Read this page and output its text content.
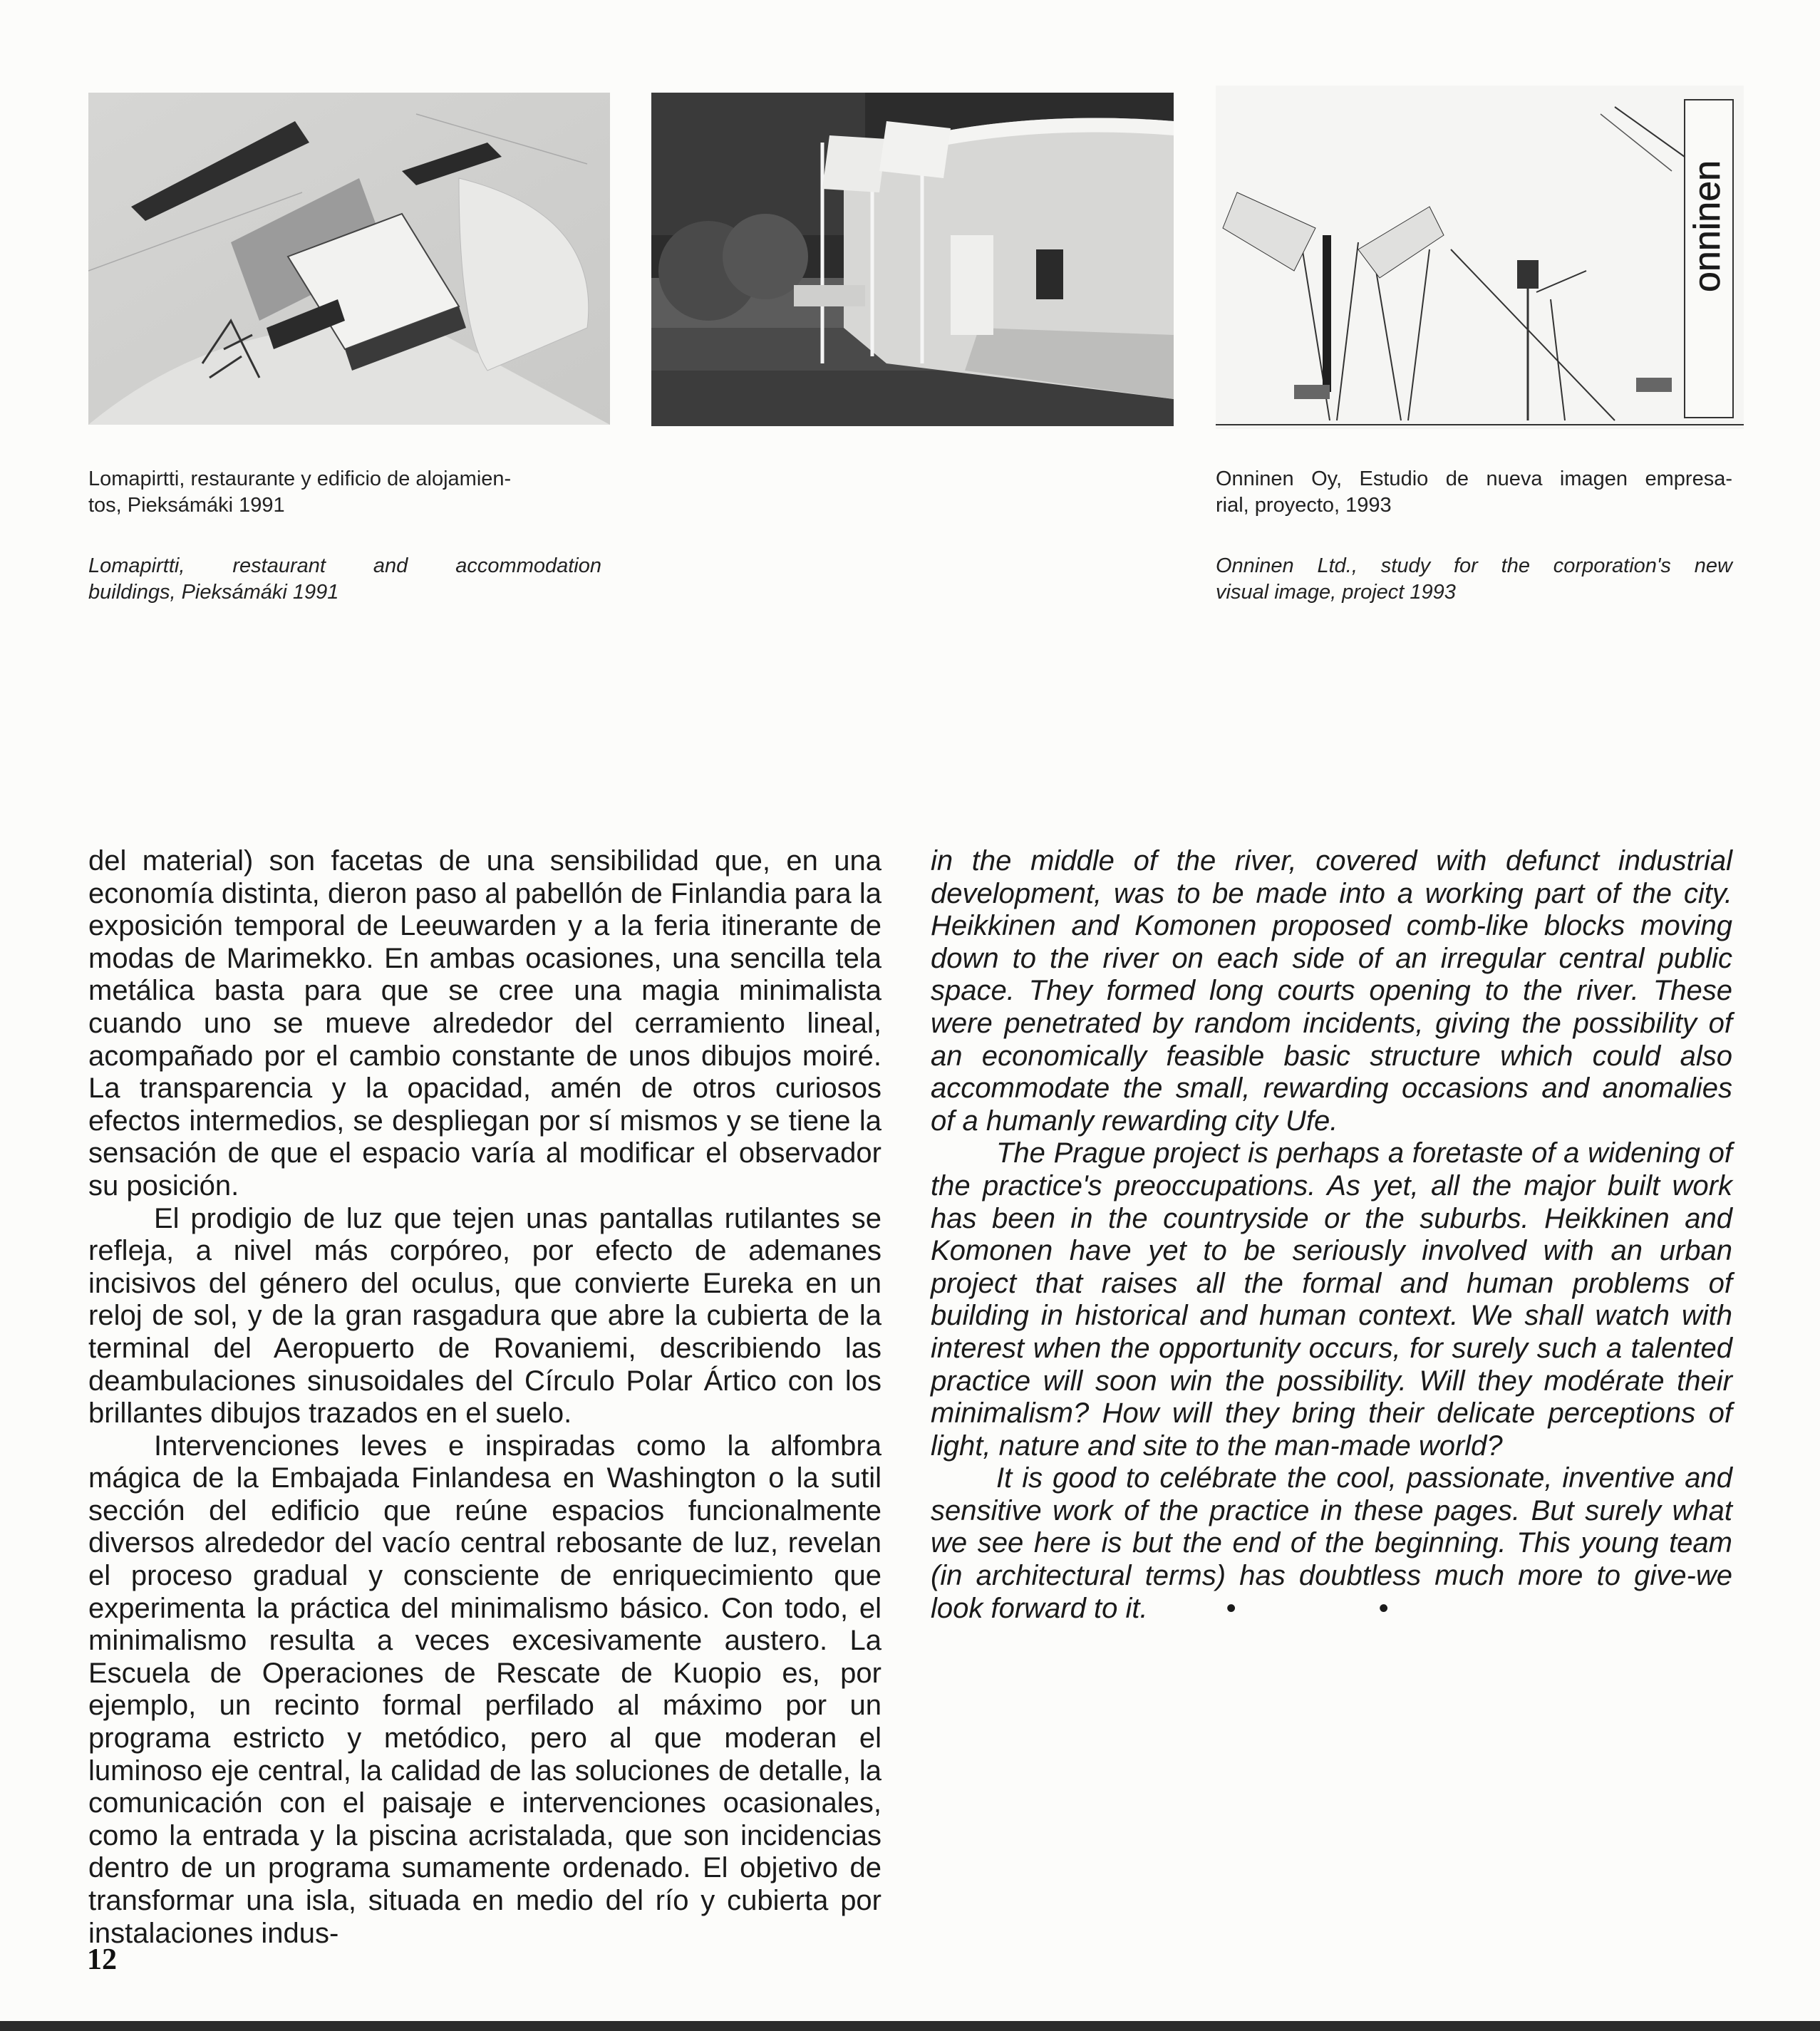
onninen

Lomapirtti, restaurante y edificio de alojamien-

tos, Pieksámáki 1991

Lomapirtti, restaurant and accommodation

buildings, Pieksámáki 1991

Onninen Oy, Estudio de nueva imagen empresa-

rial, proyecto, 1993

Onninen Ltd., study for the corporation's new

visual image, project 1993

del material) son facetas de una sensibilidad que, en una economía distinta, dieron paso al pabellón de Finlandia para la exposición temporal de Leeuwarden y a la feria itinerante de modas de Marimekko. En ambas ocasiones, una sencilla tela metálica basta para que se cree una magia minimalista cuando uno se mueve alrededor del cerramiento lineal, acompañado por el cambio constante de unos dibujos moiré. La transparencia y la opacidad, amén de otros curiosos efectos intermedios, se despliegan por sí mismos y se tiene la sensación de que el espacio varía al modificar el observador su posición.

El prodigio de luz que tejen unas pantallas rutilantes se refleja, a nivel más corpóreo, por efecto de ademanes incisivos del género del oculus, que convierte Eureka en un reloj de sol, y de la gran rasgadura que abre la cubierta de la terminal del Aeropuerto de Rovaniemi, describiendo las deambulaciones sinusoidales del Círculo Polar Ártico con los brillantes dibujos trazados en el suelo.

Intervenciones leves e inspiradas como la alfombra mágica de la Embajada Finlandesa en Washington o la sutil sección del edificio que reúne espacios funcionalmente diversos alrededor del vacío central rebosante de luz, revelan el proceso gradual y consciente de enriquecimiento que experimenta la práctica del minimalismo básico. Con todo, el minimalismo resulta a veces excesivamente austero. La Escuela de Operaciones de Rescate de Kuopio es, por ejemplo, un recinto formal perfilado al máximo por un programa estricto y metódico, pero al que moderan el luminoso eje central, la calidad de las soluciones de detalle, la comunicación con el paisaje e intervenciones ocasionales, como la entrada y la piscina acristalada, que son incidencias dentro de un programa sumamente ordenado. El objetivo de transformar una isla, situada en medio del río y cubierta por instalaciones indus-

in the middle of the river, covered with defunct industrial development, was to be made into a working part of the city. Heikkinen and Komonen proposed comb-like blocks moving down to the river on each side of an irregular central public space. They formed long courts opening to the river. These were penetrated by random incidents, giving the possibility of an economically feasible basic structure which could also accommodate the small, rewarding occasions and anomalies of a humanly rewarding city Ufe.

The Prague project is perhaps a foretaste of a widening of the practice's preoccupations. As yet, all the major built work has been in the countryside or the suburbs. Heikkinen and Komonen have yet to be seriously involved with an urban project that raises all the formal and human problems of building in historical and human context. We shall watch with interest when the opportunity occurs, for surely such a talented practice will soon win the possibility. Will they modérate their minimalism? How will they bring their delicate perceptions of light, nature and site to the man-made world?

It is good to celébrate the cool, passionate, inventive and sensitive work of the practice in these pages. But surely what we see here is but the end of the beginning. This young team (in architectural terms) has doubtless much more to give-we look forward to it.	•	•

12
